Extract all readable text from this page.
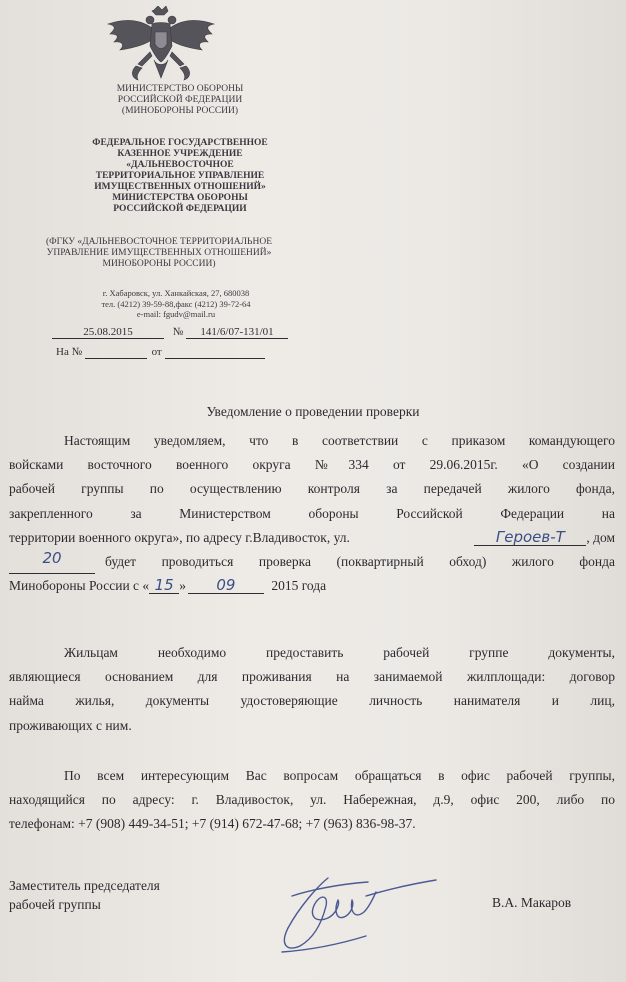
МИНИСТЕРСТВО ОБОРОНЫ
РОССИЙСКОЙ ФЕДЕРАЦИИ
(МИНОБОРОНЫ РОССИИ)
ФЕДЕРАЛЬНОЕ ГОСУДАРСТВЕННОЕ
КАЗЕННОЕ УЧРЕЖДЕНИЕ
«ДАЛЬНЕВОСТОЧНОЕ
ТЕРРИТОРИАЛЬНОЕ УПРАВЛЕНИЕ
ИМУЩЕСТВЕННЫХ ОТНОШЕНИЙ»
МИНИСТЕРСТВА ОБОРОНЫ
РОССИЙСКОЙ ФЕДЕРАЦИИ
(ФГКУ «ДАЛЬНЕВОСТОЧНОЕ ТЕРРИТОРИАЛЬНОЕ
УПРАВЛЕНИЕ ИМУЩЕСТВЕННЫХ ОТНОШЕНИЙ»
МИНОБОРОНЫ РОССИИ)
г. Хабаровск, ул. Ханкайская, 27, 680038
тел. (4212) 39-59-88,факс (4212) 39-72-64
e-mail: fgudv@mail.ru
25.08.2015	№ 141/6/07-131/01
На №	от
Уведомление о проведении проверки
Настоящим уведомляем, что в соответствии с приказом командующего
войсками восточного военного округа №334 от 29.06.2015г. «О создании
рабочей группы по осуществлению контроля за передачей жилого фонда,
закрепленного за Министерством обороны Российской Федерации на
территории военного округа», по адресу г.Владивосток, ул.	Героев-Т , дом
20	будет проводиться проверка (поквартирный обход) жилого фонда
Минобороны России с « 15 » 09	2015 года
Жильцам необходимо предоставить рабочей группе документы,
являющиеся основанием для проживания на занимаемой жилплощади: договор
найма жилья, документы удостоверяющие личность нанимателя и лиц,
проживающих с ним.
По всем интересующим Вас вопросам обращаться в офис рабочей группы,
находящийся по адресу: г. Владивосток, ул. Набережная, д.9, офис 200, либо по
телефонам: +7 (908) 449-34-51; +7 (914) 672-47-68; +7 (963) 836-98-37.
Заместитель председателя
рабочей группы	В.А. Макаров
